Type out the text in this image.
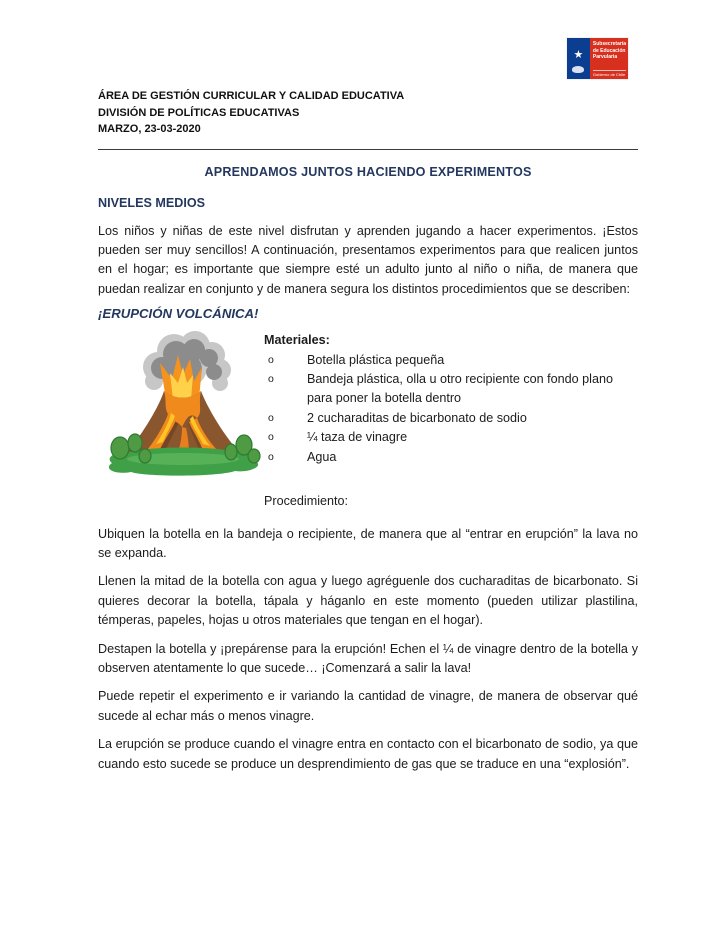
★
Subsecretaría de Educación Parvularia
Gobierno de Chile
ÁREA DE GESTIÓN CURRICULAR Y CALIDAD EDUCATIVA
DIVISIÓN DE POLÍTICAS EDUCATIVAS
MARZO, 23-03-2020
APRENDAMOS JUNTOS HACIENDO EXPERIMENTOS
NIVELES MEDIOS

Los niños y niñas de este nivel disfrutan y aprenden jugando a hacer experimentos. ¡Estos pueden ser muy sencillos! A continuación, presentamos experimentos para que realicen juntos en el hogar; es importante que siempre esté un adulto junto al niño o niña, de manera que puedan realizar en conjunto y de manera segura los distintos procedimientos que se describen:

¡ERUPCIÓN VOLCÁNICA!
Materiales:
o	Botella plástica pequeña
o	Bandeja plástica, olla u otro recipiente con fondo plano para poner la botella dentro
o	2 cucharaditas de bicarbonato de sodio
o	¼ taza de vinagre
o	Agua
Procedimiento:

Ubiquen la botella en la bandeja o recipiente, de manera que al “entrar en erupción” la lava no se expanda.

Llenen la mitad de la botella con agua y luego agréguenle dos cucharaditas de bicarbonato. Si quieres decorar la botella, tápala y háganlo en este momento (pueden utilizar plastilina, témperas, papeles, hojas u otros materiales que tengan en el hogar).

Destapen la botella y ¡prepárense para la erupción! Echen el ¼ de vinagre dentro de la botella y observen atentamente lo que sucede… ¡Comenzará a salir la lava!

Puede repetir el experimento e ir variando la cantidad de vinagre, de manera de observar qué sucede al echar más o menos vinagre.

La erupción se produce cuando el vinagre entra en contacto con el bicarbonato de sodio, ya que cuando esto sucede se produce un desprendimiento de gas que se traduce en una “explosión”.
